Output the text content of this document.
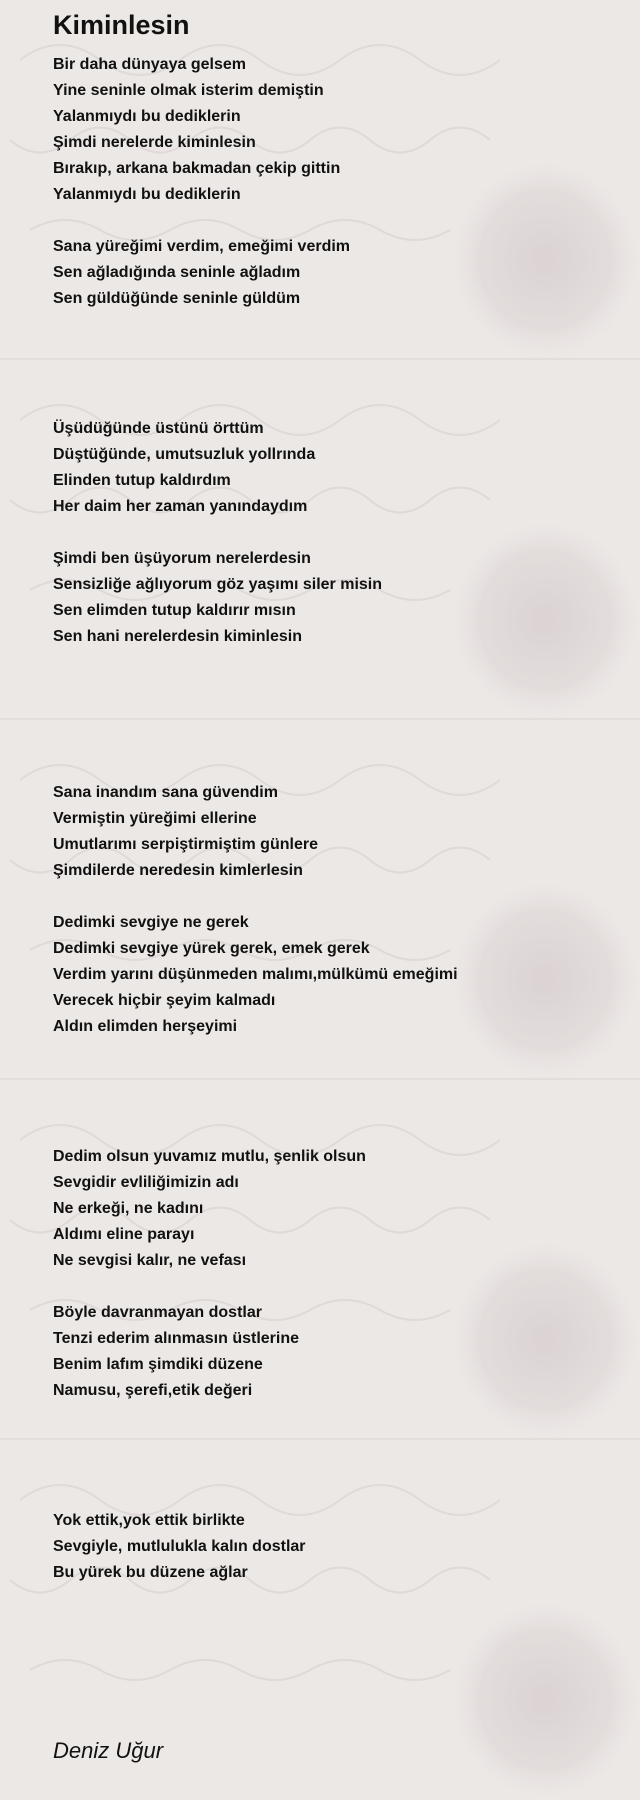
Kiminlesin

Bir daha dünyaya gelsem
Yine seninle olmak isterim demiştin
Yalanmıydı bu dediklerin
Şimdi nerelerde kiminlesin
Bırakıp, arkana bakmadan çekip gittin
Yalanmıydı bu dediklerin

Sana yüreğimi verdim, emeğimi verdim
Sen ağladığında seninle ağladım
Sen güldüğünde seninle güldüm

Üşüdüğünde üstünü örttüm
Düştüğünde, umutsuzluk yollrında
Elinden tutup kaldırdım
Her daim her zaman yanındaydım

Şimdi ben üşüyorum nerelerdesin
Sensizliğe ağlıyorum göz yaşımı siler misin
Sen elimden tutup kaldırır mısın
Sen hani nerelerdesin kiminlesin

Sana inandım sana güvendim
Vermiştin yüreğimi ellerine
Umutlarımı serpiştirmiştim günlere
Şimdilerde neredesin kimlerlesin

Dedimki sevgiye ne gerek
Dedimki sevgiye yürek gerek, emek gerek
Verdim yarını düşünmeden malımı,mülkümü emeğimi
Verecek hiçbir şeyim kalmadı
Aldın elimden herşeyimi

Dedim olsun yuvamız mutlu, şenlik olsun
Sevgidir evliliğimizin adı
Ne erkeği, ne kadını
Aldımı eline parayı
Ne sevgisi kalır, ne vefası

Böyle davranmayan dostlar
Tenzi ederim alınmasın üstlerine
Benim lafım şimdiki düzene
Namusu, şerefi,etik değeri

Yok ettik,yok ettik birlikte
Sevgiyle, mutlulukla kalın dostlar
Bu yürek bu düzene ağlar

Deniz Uğur
